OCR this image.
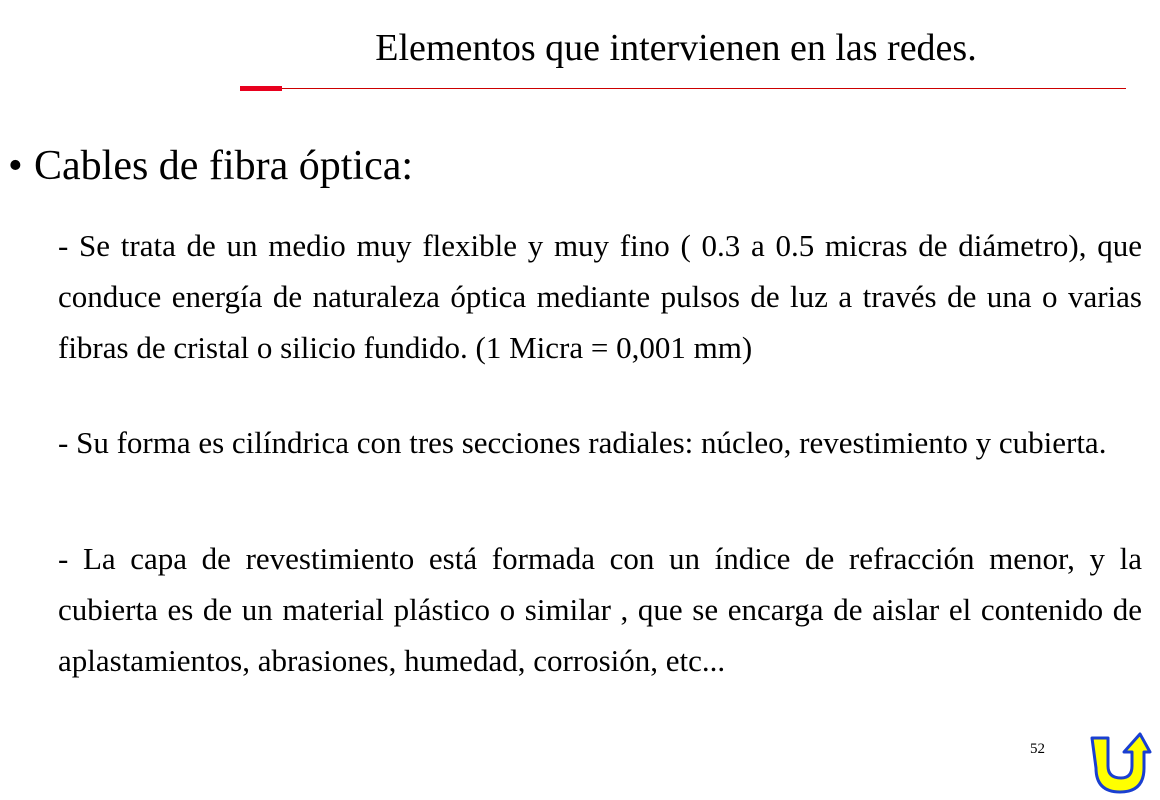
Elementos que intervienen en las redes.
• Cables de fibra óptica:
- Se trata de un medio muy flexible y muy fino ( 0.3 a 0.5 micras de diámetro), que conduce energía de naturaleza óptica mediante pulsos de luz a través de una o varias fibras de cristal o silicio fundido. (1 Micra = 0,001 mm)
- Su forma es cilíndrica con tres secciones radiales: núcleo, revestimiento y cubierta.
- La capa de revestimiento está formada con un índice de refracción menor, y la cubierta es de un material plástico o similar , que se encarga de aislar el contenido de aplastamientos, abrasiones, humedad, corrosión, etc...
52
